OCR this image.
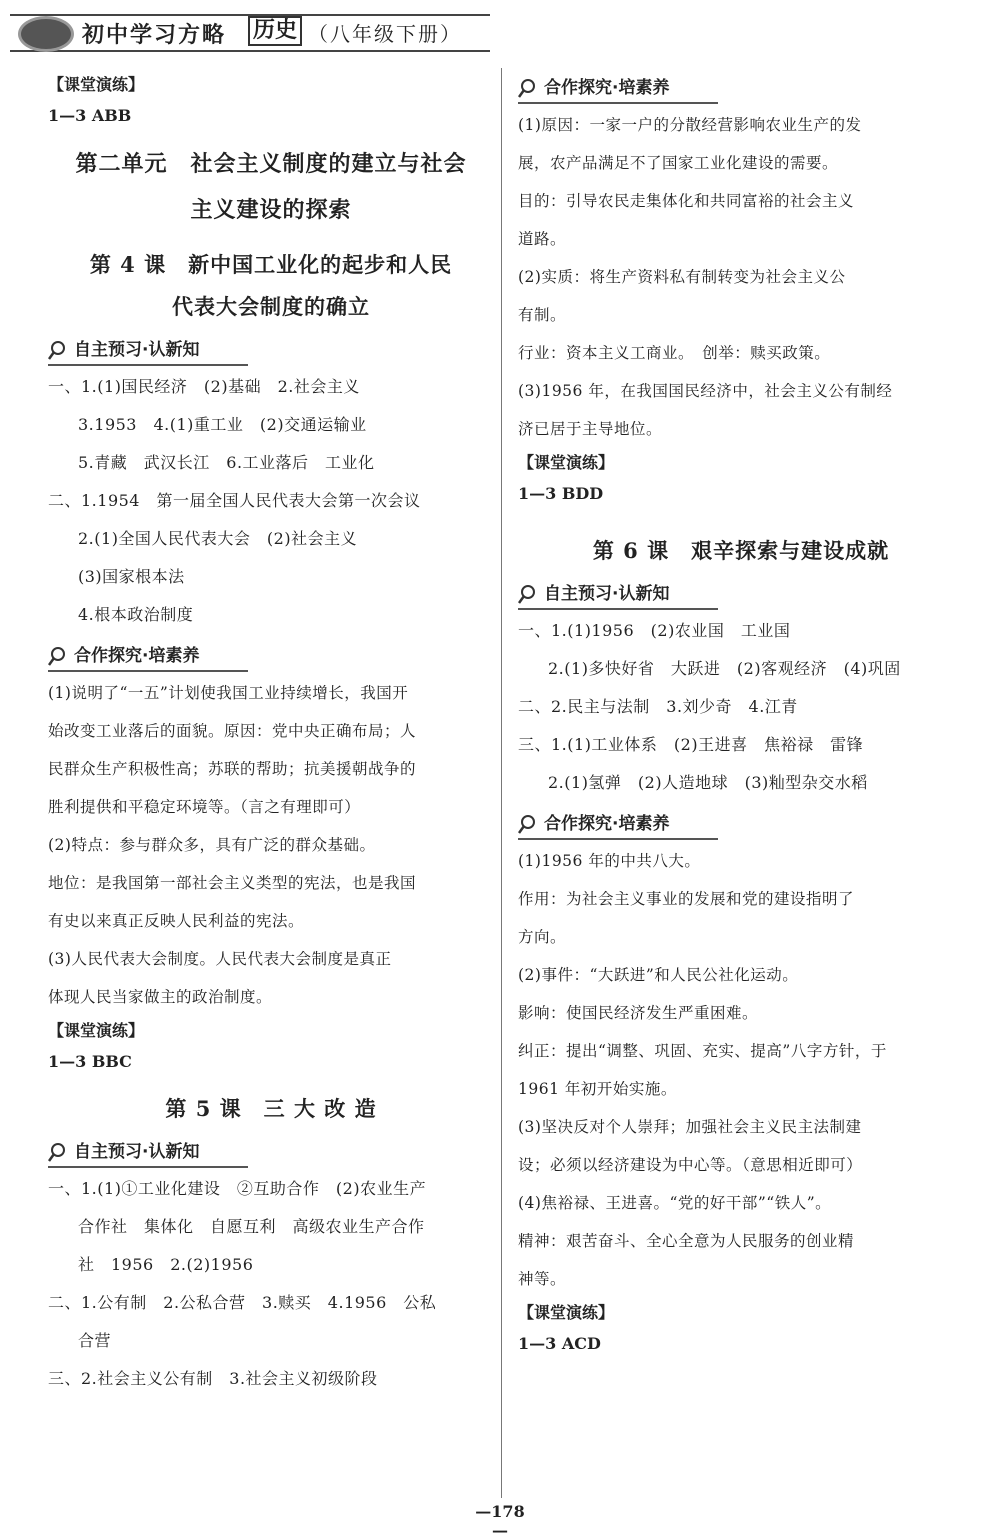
初中学习方略 历史 （八年级下册）
【课堂演练】
1—3 ABB
第二单元　社会主义制度的建立与社会
主义建设的探索
第 4 课　新中国工业化的起步和人民
代表大会制度的确立
自主预习·认新知
一、1.(1)国民经济　(2)基础　2.社会主义
3.1953　4.(1)重工业　(2)交通运输业
5.青藏　武汉长江　6.工业落后　工业化
二、1.1954　第一届全国人民代表大会第一次会议
2.(1)全国人民代表大会　(2)社会主义
(3)国家根本法
4.根本政治制度
合作探究·培素养
(1)说明了“一五”计划使我国工业持续增长，我国开
始改变工业落后的面貌。原因：党中央正确布局；人
民群众生产积极性高；苏联的帮助；抗美援朝战争的
胜利提供和平稳定环境等。（言之有理即可）
(2)特点：参与群众多，具有广泛的群众基础。
地位：是我国第一部社会主义类型的宪法，也是我国
有史以来真正反映人民利益的宪法。
(3)人民代表大会制度。人民代表大会制度是真正
体现人民当家做主的政治制度。
【课堂演练】
1—3 BBC
第 5 课　三 大 改 造
自主预习·认新知
一、1.(1)①工业化建设　②互助合作　(2)农业生产
合作社　集体化　自愿互利　高级农业生产合作
社　1956　2.(2)1956
二、1.公有制　2.公私合营　3.赎买　4.1956　公私
合营
三、2.社会主义公有制　3.社会主义初级阶段
合作探究·培素养
(1)原因：一家一户的分散经营影响农业生产的发
展，农产品满足不了国家工业化建设的需要。
目的：引导农民走集体化和共同富裕的社会主义
道路。
(2)实质：将生产资料私有制转变为社会主义公
有制。
行业：资本主义工商业。　创举：赎买政策。
(3)1956 年，在我国国民经济中，社会主义公有制经
济已居于主导地位。
【课堂演练】
1—3 BDD
第 6 课　艰辛探索与建设成就
自主预习·认新知
一、1.(1)1956　(2)农业国　工业国
2.(1)多快好省　大跃进　(2)客观经济　(4)巩固
二、2.民主与法制　3.刘少奇　4.江青
三、1.(1)工业体系　(2)王进喜　焦裕禄　雷锋
2.(1)氢弹　(2)人造地球　(3)籼型杂交水稻
合作探究·培素养
(1)1956 年的中共八大。
作用：为社会主义事业的发展和党的建设指明了
方向。
(2)事件：“大跃进”和人民公社化运动。
影响：使国民经济发生严重困难。
纠正：提出“调整、巩固、充实、提高”八字方针，于
1961 年初开始实施。
(3)坚决反对个人崇拜；加强社会主义民主法制建
设；必须以经济建设为中心等。（意思相近即可）
(4)焦裕禄、王进喜。“党的好干部”“铁人”。
精神：艰苦奋斗、全心全意为人民服务的创业精
神等。
【课堂演练】
1—3 ACD
—178—
